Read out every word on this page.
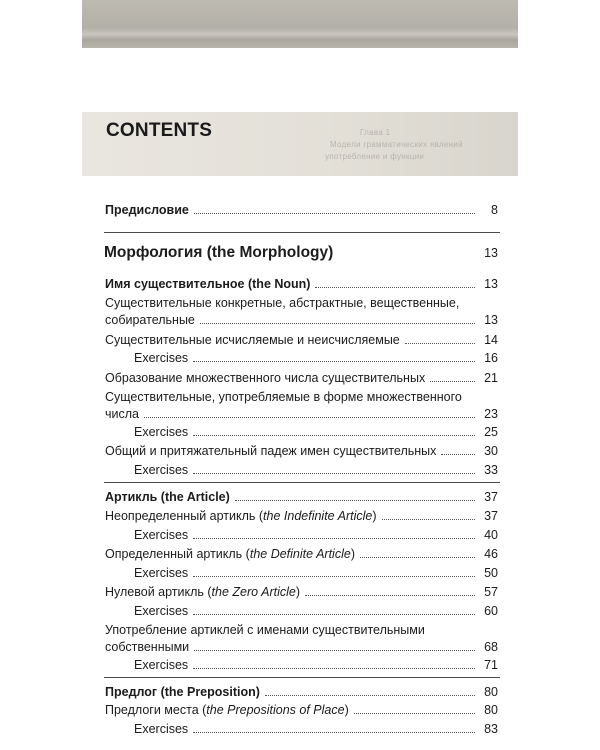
CONTENTS	Глава 1
Модели грамматических явлений
употребление и функции
Предисловие	8
Морфология (the Morphology)	13
Имя существительное (the Noun)	13
Существительные конкретные, абстрактные, вещественные,
собирательные	13
Существительные исчисляемые и неисчисляемые	14
Exercises	16
Образование множественного числа существительных	21
Существительные, употребляемые в форме множественного
числа	23
Exercises	25
Общий и притяжательный падеж имен существительных	30
Exercises	33
Артикль (the Article)	37
Неопределенный артикль (the Indefinite Article)	37
Exercises	40
Определенный артикль (the Definite Article)	46
Exercises	50
Нулевой артикль (the Zero Article)	57
Exercises	60
Употребление артиклей с именами существительными
собственными	68
Exercises	71
Предлог (the Preposition)	80
Предлоги места (the Prepositions of Place)	80
Exercises	83
